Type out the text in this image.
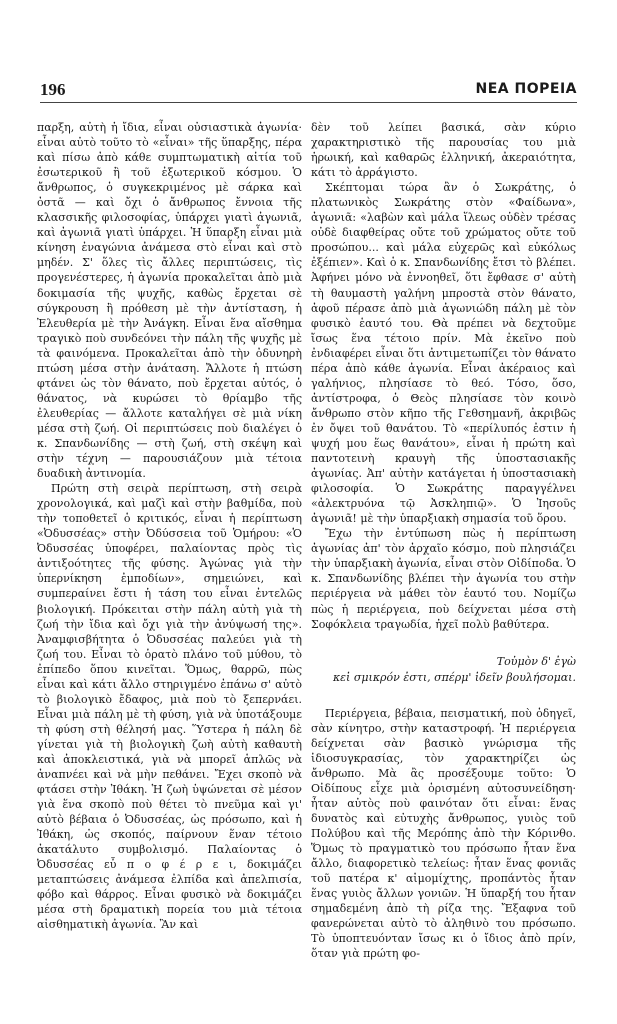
196	ΝΕΑ ΠΟΡΕΙΑ

παρξη, αὐτὴ ἡ ἴδια, εἶναι οὐσιαστικὰ ἀγωνία· εἶναι αὐτὸ τοῦτο τὸ «εἶναι» τῆς ὕπαρξης, πέρα καὶ πίσω ἀπὸ κάθε συμπτωματικὴ αἰτία τοῦ ἐσωτερικοῦ ἢ τοῦ ἐξωτερικοῦ κόσμου. Ὁ ἄνθρωπος, ὁ συγκεκριμένος μὲ σάρκα καὶ ὀστᾶ — καὶ ὄχι ὁ ἄνθρωπος ἔννοια τῆς κλασσικῆς φιλοσοφίας, ὑπάρχει γιατὶ ἀγωνιᾶ, καὶ ἀγωνιᾶ γιατὶ ὑπάρχει. Ἡ ὕπαρξη εἶναι μιὰ κίνηση ἐναγώνια ἀνάμεσα στὸ εἶναι καὶ στὸ μηδέν. Σ' ὅλες τὶς ἄλλες περιπτώσεις, τὶς προγενέστερες, ἡ ἀγωνία προκαλεῖται ἀπὸ μιὰ δοκιμασία τῆς ψυχῆς, καθὼς ἔρχεται σὲ σύγκρουση ἢ πρόθεση μὲ τὴν ἀντίσταση, ἡ Ἐλευθερία μὲ τὴν Ἀνάγκη. Εἶναι ἕνα αἴσθημα τραγικὸ ποὺ συνδεόνει τὴν πάλη τῆς ψυχῆς μὲ τὰ φαινόμενα. Προκαλεῖται ἀπὸ τὴν ὀδυνηρὴ πτώση μέσα στὴν ἀνάταση. Ἄλλοτε ἡ πτώση φτάνει ὡς τὸν θάνατο, ποὺ ἔρχεται αὐτός, ὁ θάνατος, νὰ κυρώσει τὸ θρίαμβο τῆς ἐλευθερίας — ἄλλοτε καταλήγει σὲ μιὰ νίκη μέσα στὴ ζωή. Οἱ περιπτώσεις ποὺ διαλέγει ὁ κ. Σπανδωνίδης — στὴ ζωή, στὴ σκέψη καὶ στὴν τέχνη — παρουσιάζουν μιὰ τέτοια δυαδικὴ ἀντινομία.

Πρώτη στὴ σειρὰ περίπτωση, στὴ σειρὰ χρονολογικά, καὶ μαζὶ καὶ στὴν βαθμίδα, ποὺ τὴν τοποθετεῖ ὁ κριτικός, εἶναι ἡ περίπτωση «Ὀδυσσέας» στὴν Ὀδύσσεια τοῦ Ὁμήρου: «Ὁ Ὀδυσσέας ὑποφέρει, παλαίοντας πρὸς τὶς ἀντιξοότητες τῆς φύσης. Ἀγώνας γιὰ τὴν ὑπερνίκηση ἐμποδίων», σημειώνει, καὶ συμπεραίνει ἔστι ἡ τάση του εἶναι ἐντελῶς βιολογική. Πρόκειται στὴν πάλη αὐτὴ γιὰ τὴ ζωή τὴν ἴδια καὶ ὄχι γιὰ τὴν ἀνύψωσή της». Ἀναμφισβήτητα ὁ Ὀδυσσέας παλεύει γιὰ τὴ ζωή του. Εἶναι τὸ ὁρατὸ πλάνο τοῦ μύθου, τὸ ἐπίπεδο ὅπου κινεῖται. Ὅμως, θαρρῶ, πὼς εἶναι καὶ κάτι ἄλλο στηριγμένο ἐπάνω σ' αὐτὸ τὸ βιολογικὸ ἔδαφος, μιὰ ποὺ τὸ ξεπερνάει. Εἶναι μιὰ πάλη μὲ τὴ φύση, γιὰ νὰ ὑποτάξουμε τὴ φύση στὴ θέλησή μας. Ὕστερα ἡ πάλη δὲ γίνεται γιὰ τὴ βιολογικὴ ζωὴ αὐτὴ καθαυτὴ καὶ ἀποκλειστικά, γιὰ νὰ μπορεῖ ἁπλῶς νὰ ἀναπνέει καὶ νὰ μὴν πεθάνει. Ἔχει σκοπὸ νὰ φτάσει στὴν Ἰθάκη. Ἡ ζωὴ ὑψώνεται σὲ μέσον γιὰ ἕνα σκοπὸ ποὺ θέτει τὸ πνεῦμα καὶ γι' αὐτὸ βέβαια ὁ Ὀδυσσέας, ὡς πρόσωπο, καὶ ἡ Ἰθάκη, ὡς σκοπός, παίρνουν ἕναν τέτοιο ἀκατάλυτο συμβολισμό. Παλαίοντας ὁ Ὀδυσσέας εὖ π ο φ έ ρ ε ι, δοκιμάζει μεταπτώσεις ἀνάμεσα ἐλπίδα καὶ ἀπελπισία, φόβο καὶ θάρρος. Εἶναι φυσικὸ νὰ δοκιμάζει μέσα στὴ δραματικὴ πορεία του μιὰ τέτοια αἰσθηματικὴ ἀγωνία. Ἂν καὶ

δὲν τοῦ λείπει βασικά, σὰν κύριο χαρακτηριστικὸ τῆς παρουσίας του μιὰ ἡρωική, καὶ καθαρῶς ἑλληνική, ἀκεραιότητα, κάτι τὸ ἀρράγιστο.

Σκέπτομαι τώρα ἂν ὁ Σωκράτης, ὁ πλατωνικὸς Σωκράτης στὸν «Φαίδωνα», ἀγωνιᾶ: «λαβὼν καὶ μάλα ἵλεως οὐδὲν τρέσας οὐδὲ διαφθείρας οὔτε τοῦ χρώματος οὔτε τοῦ προσώπου... καὶ μάλα εὐχερῶς καὶ εὐκόλως ἐξέπιεν». Καὶ ὁ κ. Σπανδωνίδης ἔτσι τὸ βλέπει. Ἀφήνει μόνο νὰ ἐννοηθεῖ, ὅτι ἔφθασε σ' αὐτὴ τὴ θαυμαστὴ γαλήνη μπροστὰ στὸν θάνατο, ἀφοῦ πέρασε ἀπὸ μιὰ ἀγωνιώδη πάλη μὲ τὸν φυσικὸ ἑαυτό του. Θὰ πρέπει νὰ δεχτοῦμε ἴσως ἕνα τέτοιο πρίν. Μὰ ἐκεῖνο ποὺ ἐνδιαφέρει εἶναι ὅτι ἀντιμετωπίζει τὸν θάνατο πέρα ἀπὸ κάθε ἀγωνία. Εἶναι ἀκέραιος καὶ γαλήνιος, πλησίασε τὸ θεό. Τόσο, ὅσο, ἀντίστροφα, ὁ Θεὸς πλησίασε τὸν κοινὸ ἄνθρωπο στὸν κῆπο τῆς Γεθσημανῆ, ἀκριβῶς ἐν ὄψει τοῦ θανάτου. Τὸ «περίλυπός ἐστιν ἡ ψυχή μου ἕως θανάτου», εἶναι ἡ πρώτη καὶ παντοτεινὴ κραυγὴ τῆς ὑποστασιακῆς ἀγωνίας. Ἀπ' αὐτὴν κατάγεται ἡ ὑποστασιακὴ φιλοσοφία. Ὁ Σωκράτης παραγγέλνει «ἀλεκτρυόνα τῷ Ἀσκληπιῷ». Ὁ Ἰησοῦς ἀγωνιᾶ! μὲ τὴν ὑπαρξιακὴ σημασία τοῦ ὅρου.

Ἔχω τὴν ἐντύπωση πὼς ἡ περίπτωση ἀγωνίας ἀπ' τὸν ἀρχαῖο κόσμο, ποὺ πλησιάζει τὴν ὑπαρξιακὴ ἀγωνία, εἶναι στὸν Οἰδίποδα. Ὁ κ. Σπανδωνίδης βλέπει τὴν ἀγωνία του στὴν περιέργεια νὰ μάθει τὸν ἑαυτό του. Νομίζω πὼς ἡ περιέργεια, ποὺ δείχνεται μέσα στὴ Σοφόκλεια τραγωδία, ἠχεῖ πολὺ βαθύτερα.

Τοὐμὸν δ' ἐγὼ
κεἰ σμικρόν ἐστι, σπέρμ' ἰδεῖν βουλήσομαι.

Περιέργεια, βέβαια, πεισματική, ποὺ ὁδηγεῖ, σὰν κίνητρο, στὴν καταστροφή. Ἡ περιέργεια δείχνεται σὰν βασικὸ γνώρισμα τῆς ἰδιοσυγκρασίας, τὸν χαρακτηρίζει ὡς ἄνθρωπο. Μὰ ἂς προσέξουμε τοῦτο: Ὁ Οἰδίπους εἶχε μιὰ ὁρισμένη αὐτοσυνείδηση· ἦταν αὐτὸς ποὺ φαινόταν ὅτι εἶναι: ἕνας δυνατὸς καὶ εὐτυχὴς ἄνθρωπος, γυιὸς τοῦ Πολύβου καὶ τῆς Μερόπης ἀπὸ τὴν Κόρινθο. Ὅμως τὸ πραγματικὸ του πρόσωπο ἦταν ἕνα ἄλλο, διαφορετικὸ τελείως: ἦταν ἕνας φονιᾶς τοῦ πατέρα κ' αἱμομίχτης, προπάντὸς ἦταν ἕνας γυιὸς ἄλλων γονιῶν. Ἡ ὕπαρξή του ἦταν σημαδεμένη ἀπὸ τὴ ρίζα της. Ἔξαφνα τοῦ φανερώνεται αὐτὸ τὸ ἀληθινὸ του πρόσωπο. Τὸ ὑποπτευόνταν ἴσως κι ὁ ἴδιος ἀπὸ πρίν, ὅταν γιὰ πρώτη φο-
